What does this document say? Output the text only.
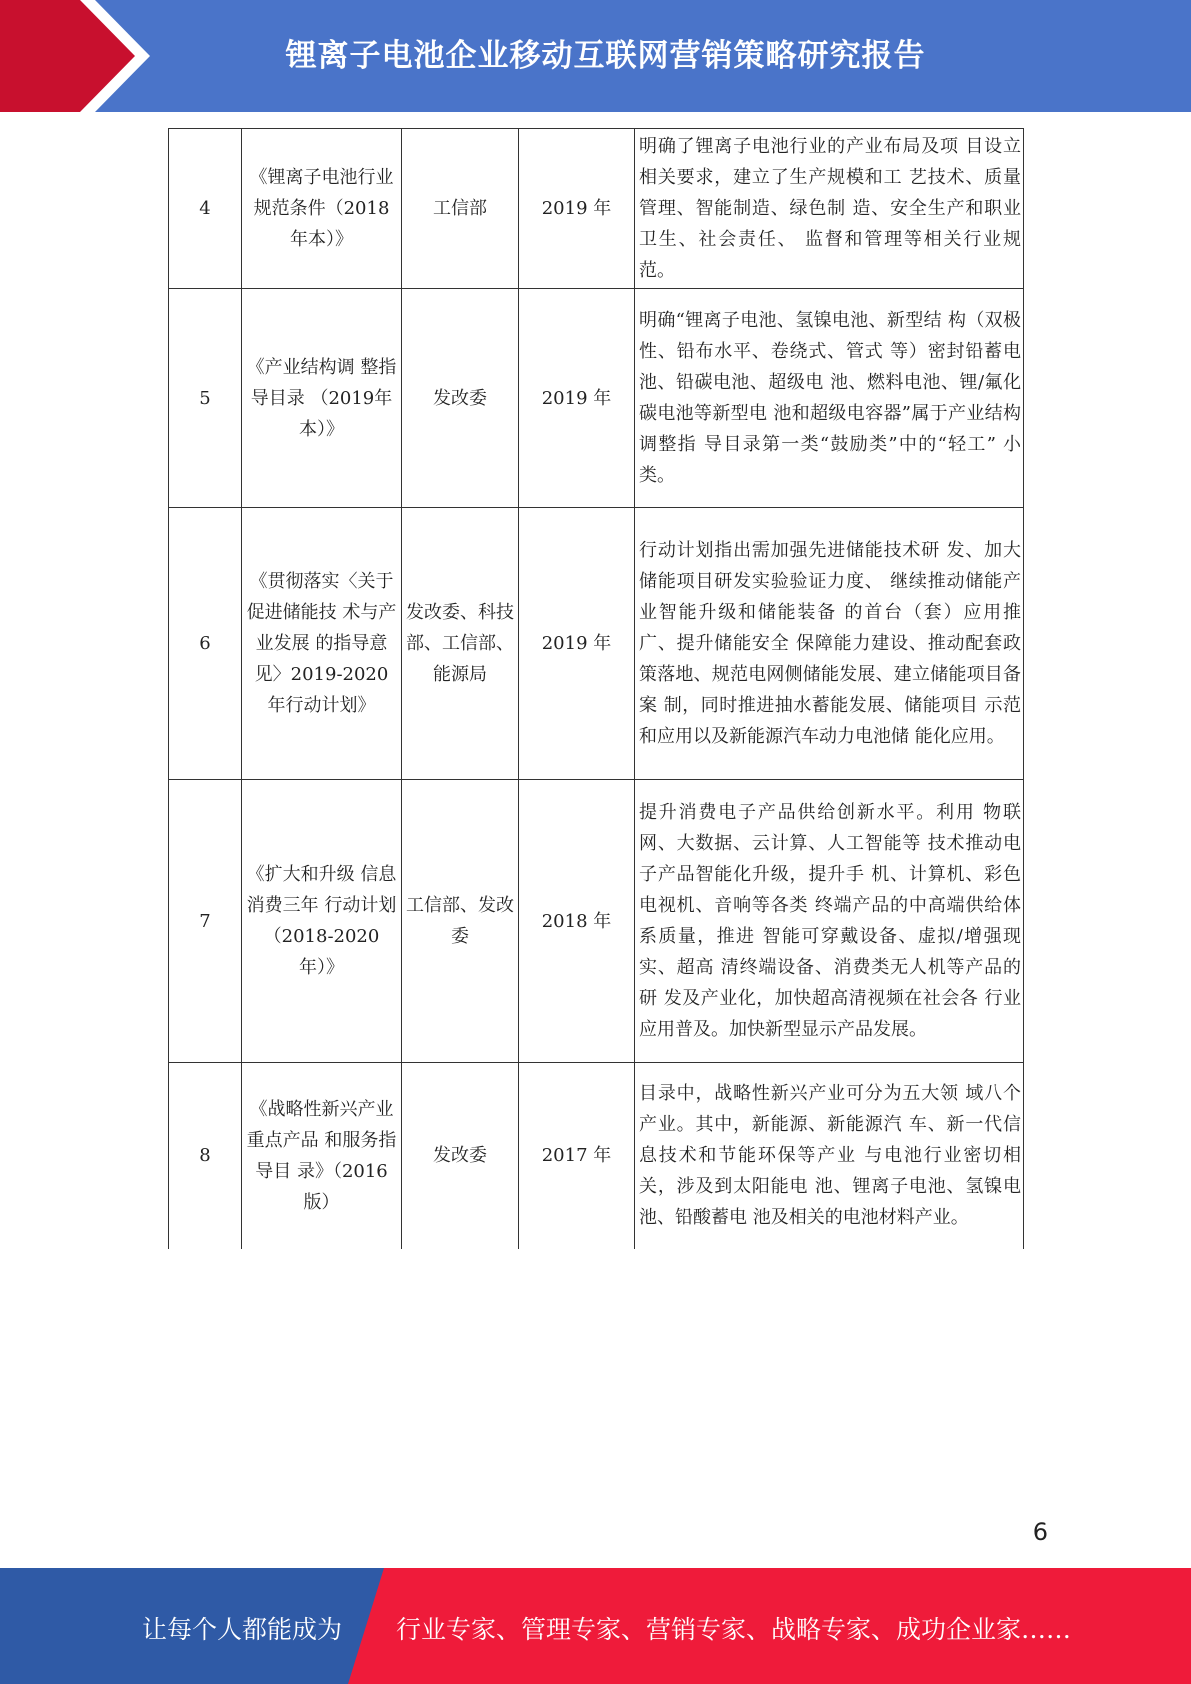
锂离子电池企业移动互联网营销策略研究报告
4	《锂离子电池行业规范条件（2018年本）》	工信部	2019 年	明确了锂离子电池行业的产业布局及项 目设立相关要求，建立了生产规模和工 艺技术、质量管理、智能制造、绿色制 造、安全生产和职业卫生、社会责任、 监督和管理等相关行业规范。
5	《产业结构调 整指导目录 （2019年本）》	发改委	2019 年	明确“锂离子电池、氢镍电池、新型结 构（双极性、铅布水平、卷绕式、管式 等）密封铅蓄电池、铅碳电池、超级电 池、燃料电池、锂/氟化碳电池等新型电 池和超级电容器”属于产业结构调整指 导目录第一类“鼓励类”中的“轻工” 小类。
6	《贯彻落实〈关于促进储能技 术与产业发展 的指导意见〉2019-2020年行动计划》	发改委、科技部、工信部、能源局	2019 年	行动计划指出需加强先进储能技术研 发、加大储能项目研发实验验证力度、 继续推动储能产业智能升级和储能装备 的首台（套）应用推广、提升储能安全 保障能力建设、推动配套政策落地、规范电网侧储能发展、建立储能项目备案 制，同时推进抽水蓄能发展、储能项目 示范和应用以及新能源汽车动力电池储 能化应用。
7	《扩大和升级 信息消费三年 行动计划 （2018-2020年）》	工信部、发改委	2018 年	提升消费电子产品供给创新水平。利用 物联网、大数据、云计算、人工智能等 技术推动电子产品智能化升级，提升手 机、计算机、彩色电视机、音响等各类 终端产品的中高端供给体系质量，推进 智能可穿戴设备、虚拟/增强现实、超高 清终端设备、消费类无人机等产品的研 发及产业化，加快超高清视频在社会各 行业应用普及。加快新型显示产品发展。
8	《战略性新兴产业重点产品 和服务指导目 录》（2016版）	发改委	2017 年	目录中，战略性新兴产业可分为五大领 域八个产业。其中，新能源、新能源汽 车、新一代信息技术和节能环保等产业 与电池行业密切相关，涉及到太阳能电 池、锂离子电池、氢镍电池、铅酸蓄电 池及相关的电池材料产业。
6
让每个人都能成为 行业专家、管理专家、营销专家、战略专家、成功企业家……
